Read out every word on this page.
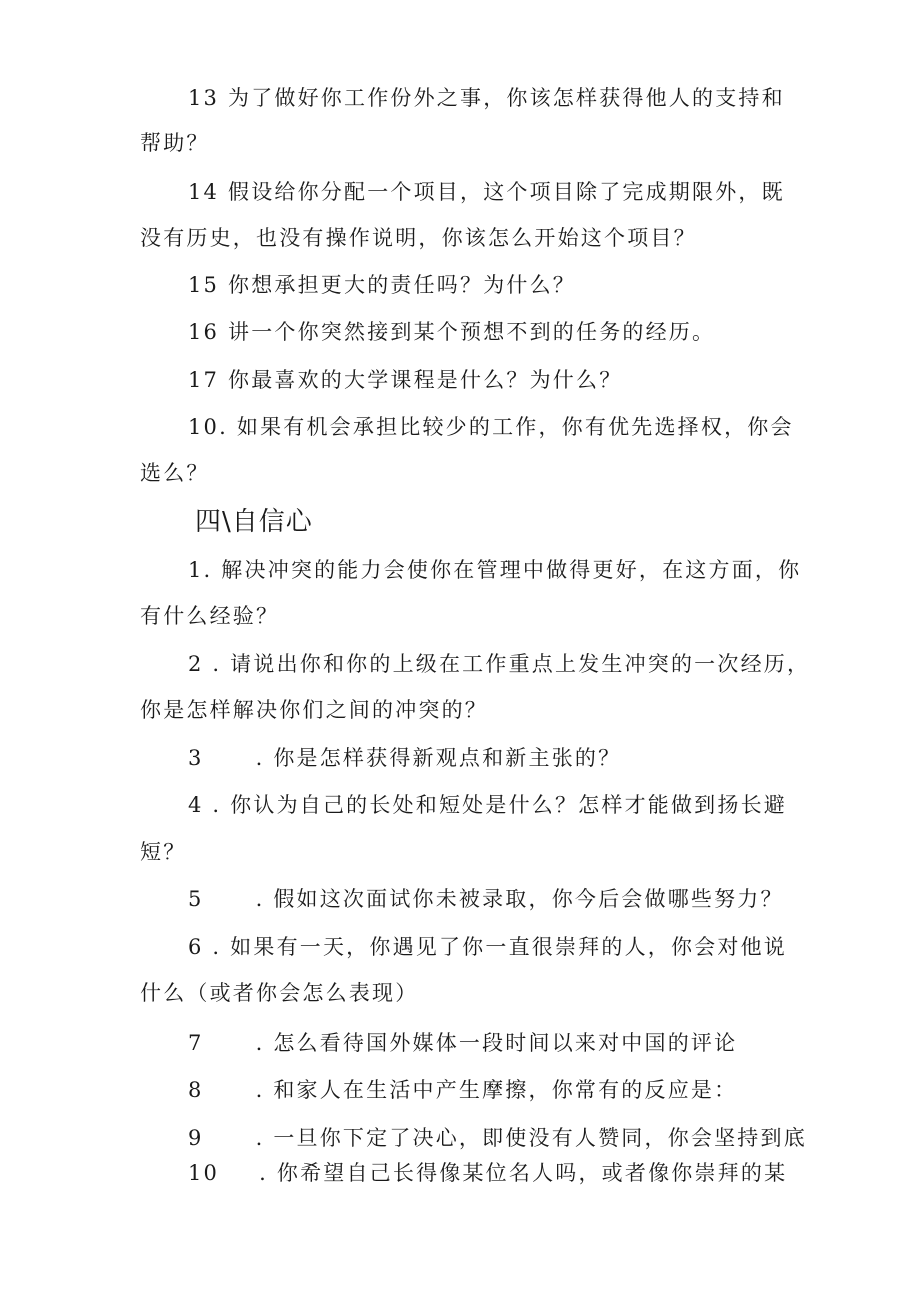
13 为了做好你工作份外之事，你该怎样获得他人的支持和
帮助？
14 假设给你分配一个项目，这个项目除了完成期限外，既
没有历史，也没有操作说明，你该怎么开始这个项目？
15 你想承担更大的责任吗？为什么？
16 讲一个你突然接到某个预想不到的任务的经历。
17 你最喜欢的大学课程是什么？为什么？
10. 如果有机会承担比较少的工作，你有优先选择权，你会
选么？
四\自信心
1. 解决冲突的能力会使你在管理中做得更好，在这方面，你
有什么经验？
2 . 请说出你和你的上级在工作重点上发生冲突的一次经历，
你是怎样解决你们之间的冲突的？
3 . 你是怎样获得新观点和新主张的？
4 . 你认为自己的长处和短处是什么？怎样才能做到扬长避
短？
5 . 假如这次面试你未被录取，你今后会做哪些努力？
6 . 如果有一天，你遇见了你一直很崇拜的人，你会对他说
什么（或者你会怎么表现）
7 . 怎么看待国外媒体一段时间以来对中国的评论
8 . 和家人在生活中产生摩擦，你常有的反应是：
9 . 一旦你下定了决心，即使没有人赞同，你会坚持到底
10 . 你希望自己长得像某位名人吗，或者像你崇拜的某
